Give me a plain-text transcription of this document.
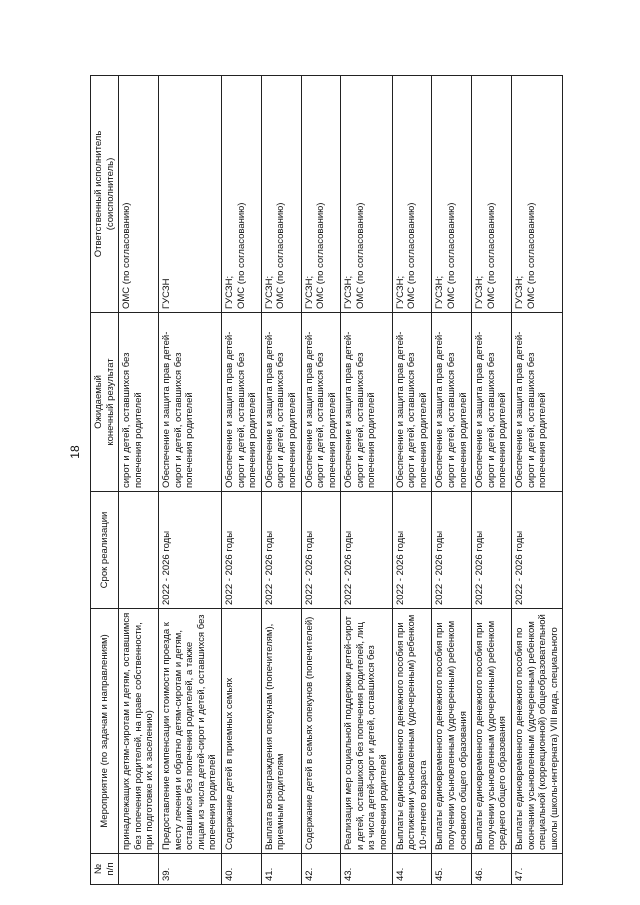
18
№
п/п	Мероприятие (по задачам и направлениям)	Срок реализации	Ожидаемый
конечный результат	Ответственный исполнитель
(соисполнитель)
	принадлежащих детям-сиротам и детям, оставшимся без попечения родителей, на праве собственности, при подготовке их к заселению)		сирот и детей, оставшихся без попечения родителей	ОМС (по согласованию)
39.	Предоставление компенсации стоимости проезда к месту лечения и обратно детям-сиротам и детям, оставшимся без попечения родителей, а также лицам из числа детей-сирот и детей, оставшихся без попечения родителей	2022 - 2026 годы	Обеспечение и защита прав детей-сирот и детей, оставшихся без попечения родителей	ГУСЗН
40.	Содержание детей в приемных семьях	2022 - 2026 годы	Обеспечение и защита прав детей-сирот и детей, оставшихся без попечения родителей	ГУСЗН;
ОМС (по согласованию)
41.	Выплата вознаграждения опекунам (попечителям), приемным родителям	2022 - 2026 годы	Обеспечение и защита прав детей-сирот и детей, оставшихся без попечения родителей	ГУСЗН;
ОМС (по согласованию)
42.	Содержание детей в семьях опекунов (попечителей)	2022 - 2026 годы	Обеспечение и защита прав детей-сирот и детей, оставшихся без попечения родителей	ГУСЗН;
ОМС (по согласованию)
43.	Реализация мер социальной поддержки детей-сирот и детей, оставшихся без попечения родителей, лиц из числа детей-сирот и детей, оставшихся без попечения родителей	2022 - 2026 годы	Обеспечение и защита прав детей-сирот и детей, оставшихся без попечения родителей	ГУСЗН;
ОМС (по согласованию)
44.	Выплаты единовременного денежного пособия при достижении усыновленным (удочеренным) ребенком 10-летнего возраста	2022 - 2026 годы	Обеспечение и защита прав детей-сирот и детей, оставшихся без попечения родителей	ГУСЗН;
ОМС (по согласованию)
45.	Выплаты единовременного денежного пособия при получении усыновленным (удочеренным) ребенком основного общего образования	2022 - 2026 годы	Обеспечение и защита прав детей-сирот и детей, оставшихся без попечения родителей	ГУСЗН;
ОМС (по согласованию)
46.	Выплаты единовременного денежного пособия при получении усыновленным (удочеренным) ребенком среднего общего образования	2022 - 2026 годы	Обеспечение и защита прав детей-сирот и детей, оставшихся без попечения родителей	ГУСЗН;
ОМС (по согласованию)
47.	Выплаты единовременного денежного пособия по окончании усыновленным (удочеренным) ребенком специальной (коррекционной) общеобразовательной школы (школы-интерната) VIII вида, специального	2022 - 2026 годы	Обеспечение и защита прав детей-сирот и детей, оставшихся без попечения родителей	ГУСЗН;
ОМС (по согласованию)
